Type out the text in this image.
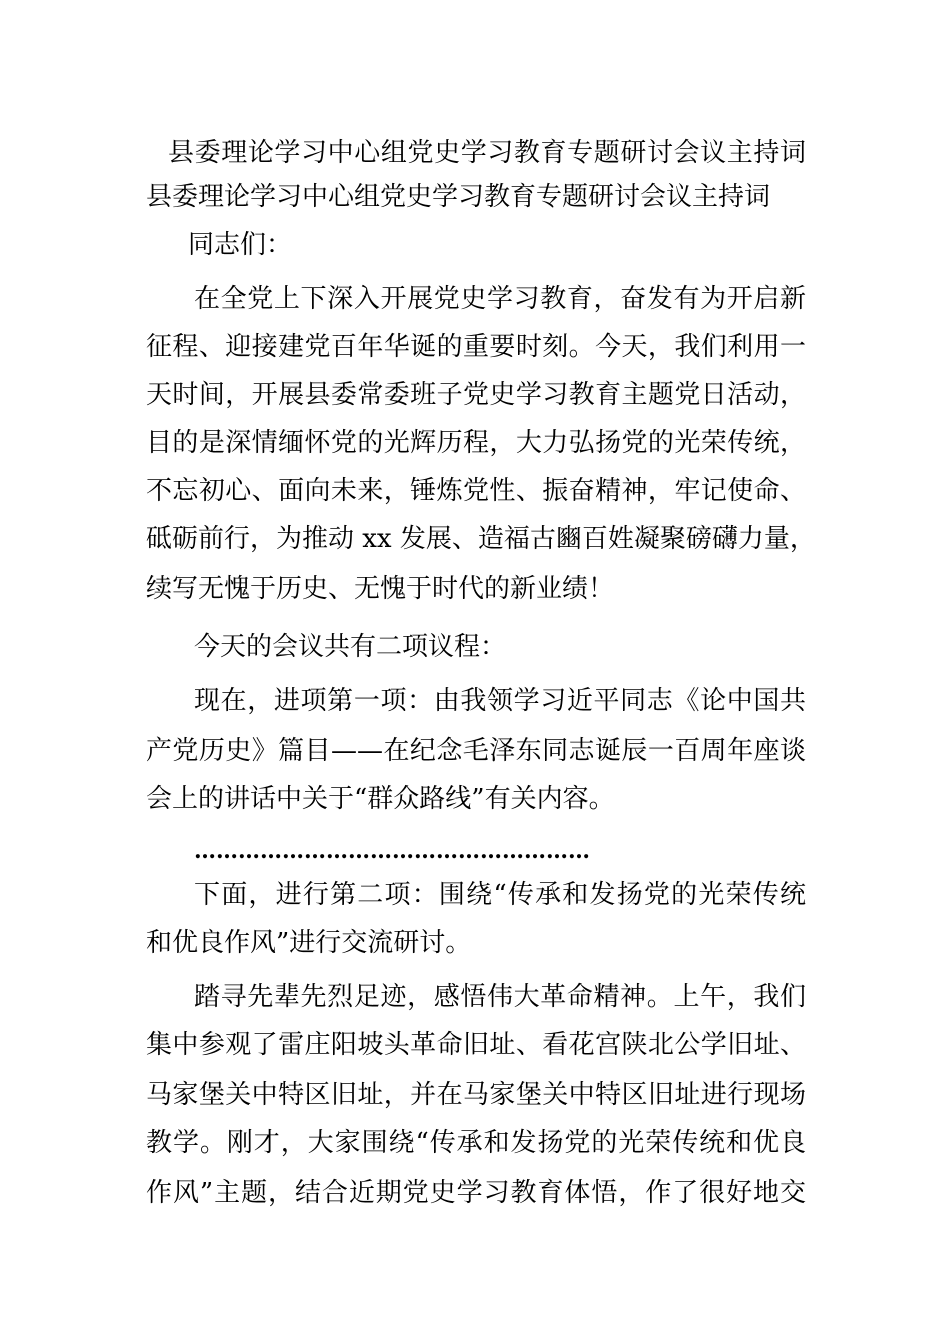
县委理论学习中心组党史学习教育专题研讨会议主持词
县委理论学习中心组党史学习教育专题研讨会议主持词
同志们：
在全党上下深入开展党史学习教育，奋发有为开启新
征程、迎接建党百年华诞的重要时刻。今天，我们利用一
天时间，开展县委常委班子党史学习教育主题党日活动，
目的是深情缅怀党的光辉历程，大力弘扬党的光荣传统，
不忘初心、面向未来，锤炼党性、振奋精神，牢记使命、
砥砺前行，为推动 xx 发展、造福古豳百姓凝聚磅礴力量，
续写无愧于历史、无愧于时代的新业绩！
今天的会议共有二项议程：
现在，进项第一项：由我领学习近平同志《论中国共
产党历史》篇目——在纪念毛泽东同志诞辰一百周年座谈
会上的讲话中关于“群众路线”有关内容。
………………………………………………
下面，进行第二项：围绕“传承和发扬党的光荣传统
和优良作风”进行交流研讨。
踏寻先辈先烈足迹，感悟伟大革命精神。上午，我们
集中参观了雷庄阳坡头革命旧址、看花宫陕北公学旧址、
马家堡关中特区旧址，并在马家堡关中特区旧址进行现场
教学。刚才，大家围绕“传承和发扬党的光荣传统和优良
作风”主题，结合近期党史学习教育体悟，作了很好地交
